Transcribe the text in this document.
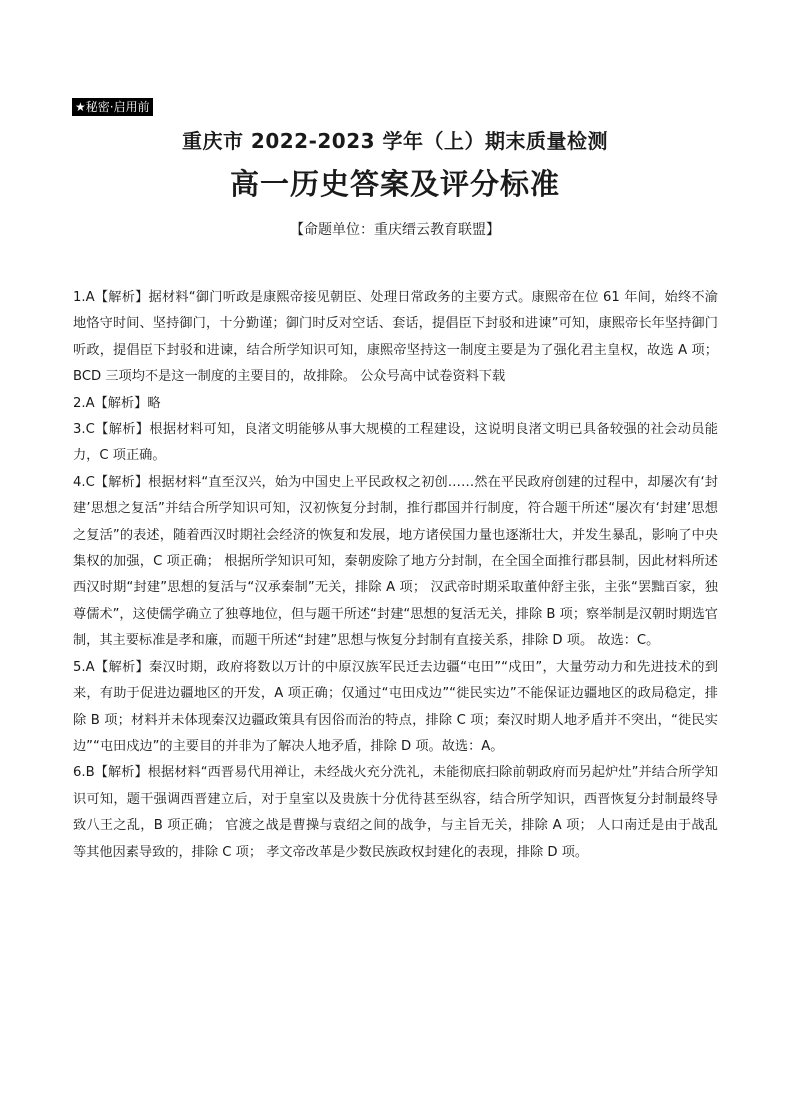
★秘密·启用前
重庆市 2022-2023 学年（上）期末质量检测
高一历史答案及评分标准
【命题单位：重庆缙云教育联盟】

1.A【解析】据材料“御门听政是康熙帝接见朝臣、处理日常政务的主要方式。康熙帝在位 61 年间，始终不渝地恪守时间、坚持御门，十分勤谨；御门时反对空话、套话，提倡臣下封驳和进谏”可知，康熙帝长年坚持御门听政，提倡臣下封驳和进谏，结合所学知识可知，康熙帝坚持这一制度主要是为了强化君主皇权，故选 A 项； BCD 三项均不是这一制度的主要目的，故排除。 公众号高中试卷资料下载

2.A【解析】略

3.C【解析】根据材料可知，良渚文明能够从事大规模的工程建设，这说明良渚文明已具备较强的社会动员能力，C 项正确。

4.C【解析】根据材料“直至汉兴，始为中国史上平民政权之初创……然在平民政府创建的过程中，却屡次有‘封建’思想之复活”并结合所学知识可知，汉初恢复分封制，推行郡国并行制度，符合题干所述“屡次有‘封建’思想之复活”的表述，随着西汉时期社会经济的恢复和发展，地方诸侯国力量也逐渐壮大，并发生暴乱，影响了中央集权的加强，C 项正确； 根据所学知识可知，秦朝废除了地方分封制，在全国全面推行郡县制，因此材料所述西汉时期“封建”思想的复活与“汉承秦制”无关，排除 A 项； 汉武帝时期采取董仲舒主张，主张“罢黜百家，独尊儒术”，这使儒学确立了独尊地位，但与题干所述“封建“思想的复活无关，排除 B 项；察举制是汉朝时期选官制，其主要标准是孝和廉，而题干所述“封建”思想与恢复分封制有直接关系，排除 D 项。 故选：C。

5.A【解析】秦汉时期，政府将数以万计的中原汉族军民迁去边疆“屯田”“戍田”，大量劳动力和先进技术的到来，有助于促进边疆地区的开发，A 项正确；仅通过“屯田戍边”“徙民实边”不能保证边疆地区的政局稳定，排除 B 项；材料并未体现秦汉边疆政策具有因俗而治的特点，排除 C 项；秦汉时期人地矛盾并不突出，“徙民实边”“屯田戍边”的主要目的并非为了解决人地矛盾，排除 D 项。故选：A。

6.B【解析】根据材料“西晋易代用禅让，未经战火充分洗礼，未能彻底扫除前朝政府而另起炉灶”并结合所学知识可知，题干强调西晋建立后，对于皇室以及贵族十分优待甚至纵容，结合所学知识，西晋恢复分封制最终导致八王之乱，B 项正确； 官渡之战是曹操与袁绍之间的战争，与主旨无关，排除 A 项； 人口南迁是由于战乱等其他因素导致的，排除 C 项； 孝文帝改革是少数民族政权封建化的表现，排除 D 项。
